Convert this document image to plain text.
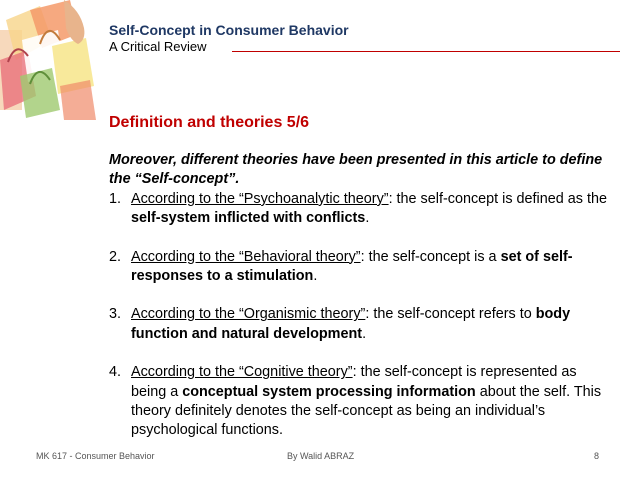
Self-Concept in Consumer Behavior
A Critical Review
Definition and theories 5/6

Moreover, different theories have been presented in this article to define the “Self-concept”.

1. According to the “Psychoanalytic theory”: the self-concept is defined as the self-system inflicted with conflicts.
2. According to the “Behavioral theory”: the self-concept is a set of self-responses to a stimulation.
3. According to the “Organismic theory”: the self-concept refers to body function and natural development.
4. According to the “Cognitive theory”: the self-concept is represented as being a conceptual system processing information about the self. This theory definitely denotes the self-concept as being an individual’s psychological functions.
MK 617 - Consumer Behavior	By Walid ABRAZ	8
